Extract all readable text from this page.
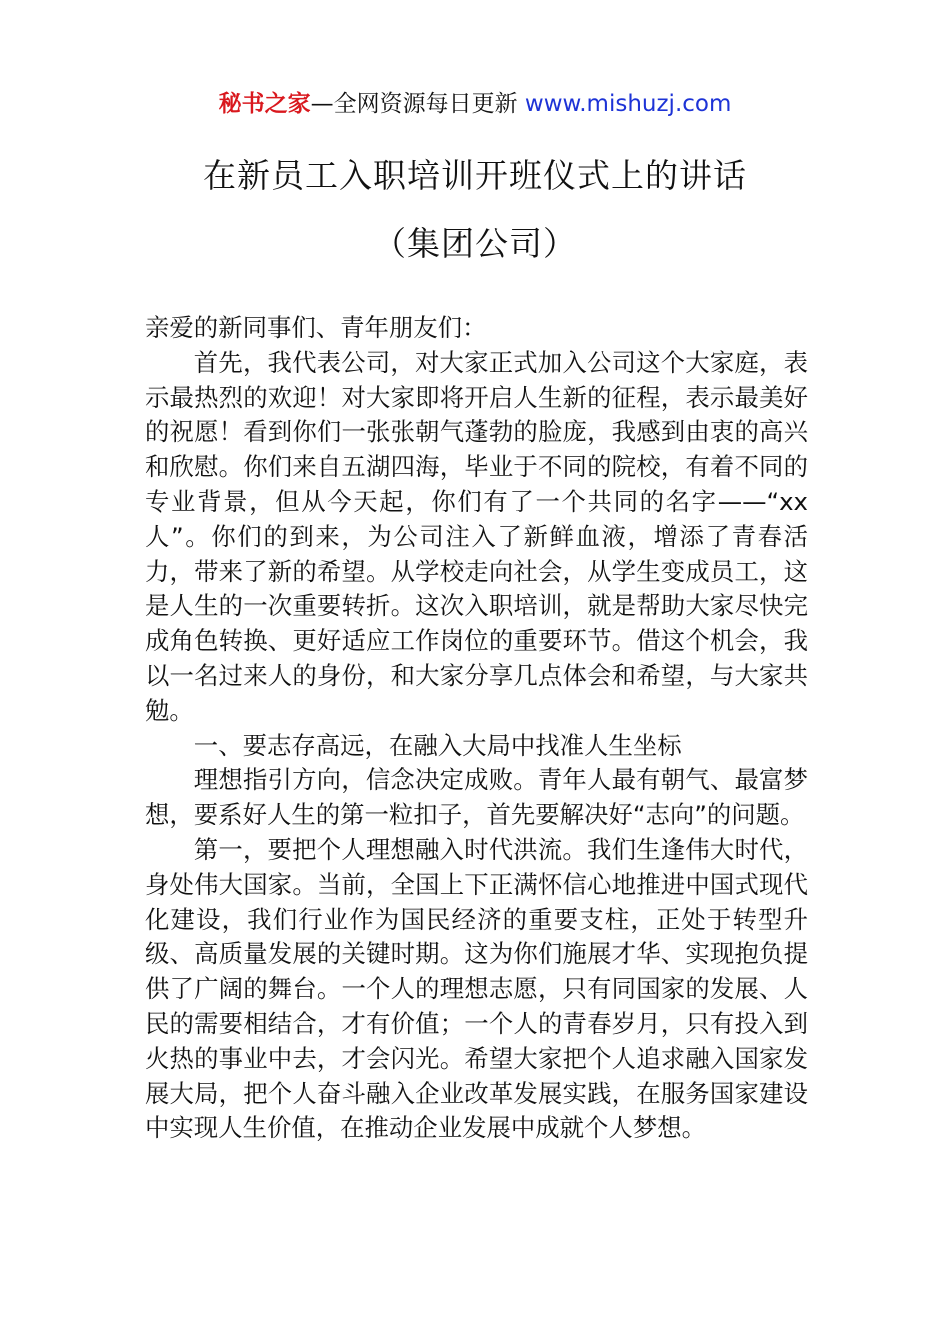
秘书之家—全网资源每日更新 www.mishuzj.com
在新员工入职培训开班仪式上的讲话
（集团公司）

亲爱的新同事们、青年朋友们：

首先，我代表公司，对大家正式加入公司这个大家庭，表示最热烈的欢迎！对大家即将开启人生新的征程，表示最美好的祝愿！看到你们一张张朝气蓬勃的脸庞，我感到由衷的高兴和欣慰。你们来自五湖四海，毕业于不同的院校，有着不同的专业背景，但从今天起，你们有了一个共同的名字——“xx人”。你们的到来，为公司注入了新鲜血液，增添了青春活力，带来了新的希望。从学校走向社会，从学生变成员工，这是人生的一次重要转折。这次入职培训，就是帮助大家尽快完成角色转换、更好适应工作岗位的重要环节。借这个机会，我以一名过来人的身份，和大家分享几点体会和希望，与大家共勉。

一、要志存高远，在融入大局中找准人生坐标

理想指引方向，信念决定成败。青年人最有朝气、最富梦想，要系好人生的第一粒扣子，首先要解决好“志向”的问题。

第一，要把个人理想融入时代洪流。我们生逢伟大时代，身处伟大国家。当前，全国上下正满怀信心地推进中国式现代化建设，我们行业作为国民经济的重要支柱，正处于转型升级、高质量发展的关键时期。这为你们施展才华、实现抱负提供了广阔的舞台。一个人的理想志愿，只有同国家的发展、人民的需要相结合，才有价值；一个人的青春岁月，只有投入到火热的事业中去，才会闪光。希望大家把个人追求融入国家发展大局，把个人奋斗融入企业改革发展实践，在服务国家建设中实现人生价值，在推动企业发展中成就个人梦想。
